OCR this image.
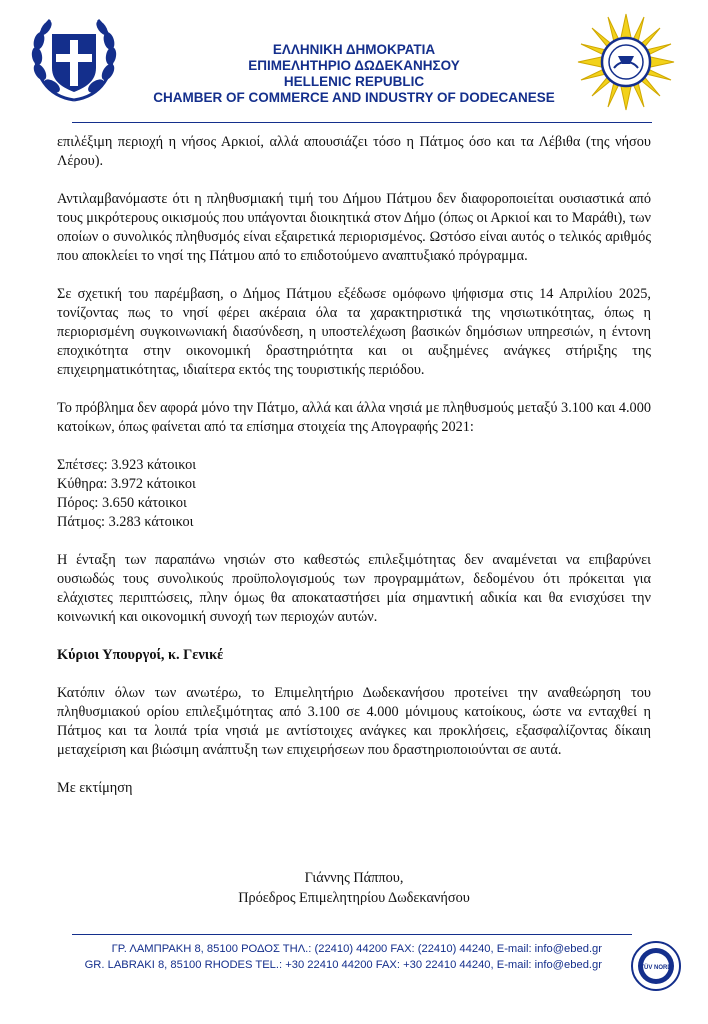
ΕΛΛΗΝΙΚΗ ΔΗΜΟΚΡΑΤΙΑ
ΕΠΙΜΕΛΗΤΗΡΙΟ ΔΩΔΕΚΑΝΗΣΟΥ
HELLENIC REPUBLIC
CHAMBER OF COMMERCE AND INDUSTRY OF DODECANESE

επιλέξιμη περιοχή η νήσος Αρκιοί, αλλά απουσιάζει τόσο η Πάτμος όσο και τα Λέβιθα (της νήσου Λέρου).

Αντιλαμβανόμαστε ότι η πληθυσμιακή τιμή του Δήμου Πάτμου δεν διαφοροποιείται ουσιαστικά από τους μικρότερους οικισμούς που υπάγονται διοικητικά στον Δήμο (όπως οι Αρκιοί και το Μαράθι), των οποίων ο συνολικός πληθυσμός είναι εξαιρετικά περιορισμένος. Ωστόσο είναι αυτός ο τελικός αριθμός που αποκλείει το νησί της Πάτμου από το επιδοτούμενο αναπτυξιακό πρόγραμμα.

Σε σχετική του παρέμβαση, ο Δήμος Πάτμου εξέδωσε ομόφωνο ψήφισμα στις 14 Απριλίου 2025, τονίζοντας πως το νησί φέρει ακέραια όλα τα χαρακτηριστικά της νησιωτικότητας, όπως η περιορισμένη συγκοινωνιακή διασύνδεση, η υποστελέχωση βασικών δημόσιων υπηρεσιών, η έντονη εποχικότητα στην οικονομική δραστηριότητα και οι αυξημένες ανάγκες στήριξης της επιχειρηματικότητας, ιδιαίτερα εκτός της τουριστικής περιόδου.

Το πρόβλημα δεν αφορά μόνο την Πάτμο, αλλά και άλλα νησιά με πληθυσμούς μεταξύ 3.100 και 4.000 κατοίκων, όπως φαίνεται από τα επίσημα στοιχεία της Απογραφής 2021:

Σπέτσες: 3.923 κάτοικοι
Κύθηρα: 3.972 κάτοικοι
Πόρος: 3.650 κάτοικοι
Πάτμος: 3.283 κάτοικοι

Η ένταξη των παραπάνω νησιών στο καθεστώς επιλεξιμότητας δεν αναμένεται να επιβαρύνει ουσιωδώς τους συνολικούς προϋπολογισμούς των προγραμμάτων, δεδομένου ότι πρόκειται για ελάχιστες περιπτώσεις, πλην όμως θα αποκαταστήσει μία σημαντική αδικία και θα ενισχύσει την κοινωνική και οικονομική συνοχή των περιοχών αυτών.

Κύριοι Υπουργοί, κ. Γενικέ

Κατόπιν όλων των ανωτέρω, το Επιμελητήριο Δωδεκανήσου προτείνει την αναθεώρηση του πληθυσμιακού ορίου επιλεξιμότητας από 3.100 σε 4.000 μόνιμους κατοίκους, ώστε να ενταχθεί η Πάτμος και τα λοιπά τρία νησιά με αντίστοιχες ανάγκες και προκλήσεις, εξασφαλίζοντας δίκαιη μεταχείριση και βιώσιμη ανάπτυξη των επιχειρήσεων που δραστηριοποιούνται σε αυτά.

Με εκτίμηση

Γιάννης Πάππου,
Πρόεδρος Επιμελητηρίου Δωδεκανήσου
ΓΡ. ΛΑΜΠΡΑΚΗ 8, 85100 ΡΟΔΟΣ ΤΗΛ.: (22410) 44200 FAX: (22410) 44240, E-mail: info@ebed.gr
GR. LABRAKI 8, 85100 RHODES TEL.: +30 22410 44200 FAX: +30 22410 44240, E-mail: info@ebed.gr	TÜV NORD
